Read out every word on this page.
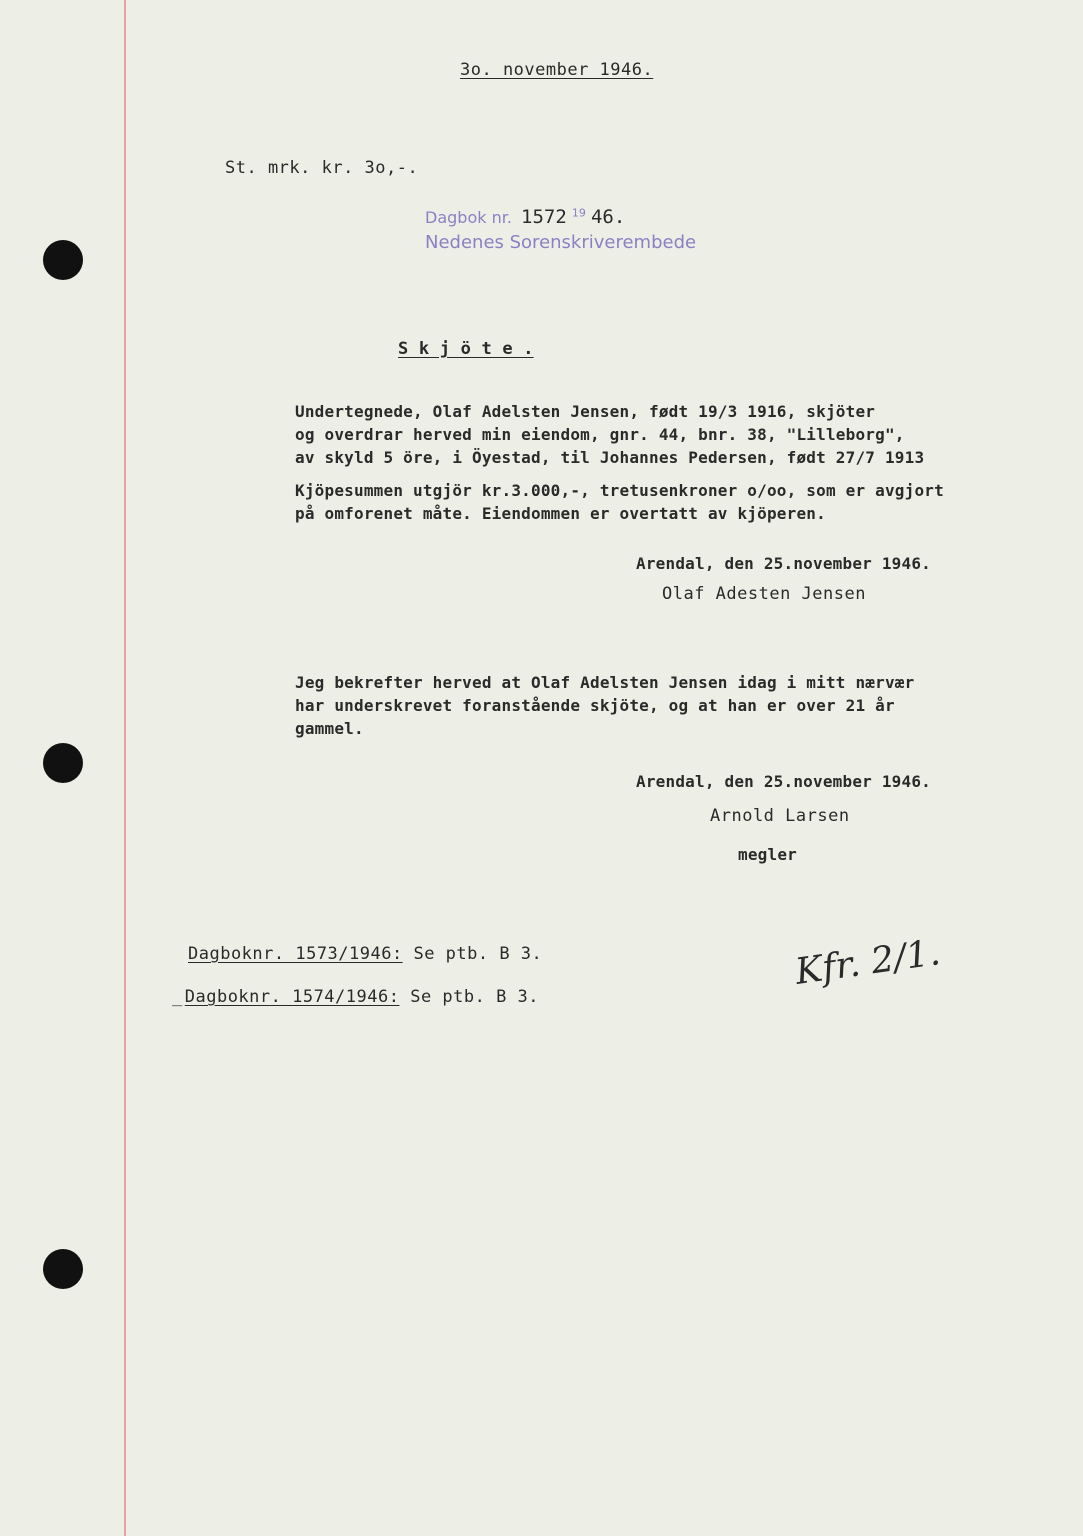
3o. november 1946.
St. mrk. kr. 3o,-.
Dagbok nr. 1572 $^{19}$ 46.
Nedenes Sorenskriverembede
S k j ö t e .
Undertegnede, Olaf Adelsten Jensen, født 19/3 1916, skjöter
og overdrar herved min eiendom, gnr. 44, bnr. 38, "Lilleborg",
av skyld 5 öre, i Öyestad, til Johannes Pedersen, født 27/7 1913
Kjöpesummen utgjör kr.3.000,-, tretusenkroner o/oo, som er avgjort
på omforenet måte. Eiendommen er overtatt av kjöperen.
Arendal, den 25.november 1946.
Olaf Adesten Jensen
Jeg bekrefter herved at Olaf Adelsten Jensen idag i mitt nærvær
har underskrevet foranstående skjöte, og at han er over 21 år
gammel.
Arendal, den 25.november 1946.
Arnold Larsen
megler
Dagboknr. 1573/1946: Se ptb. B 3.
_ Dagboknr. 1574/1946: Se ptb. B 3.
Kfr. 2/1.
